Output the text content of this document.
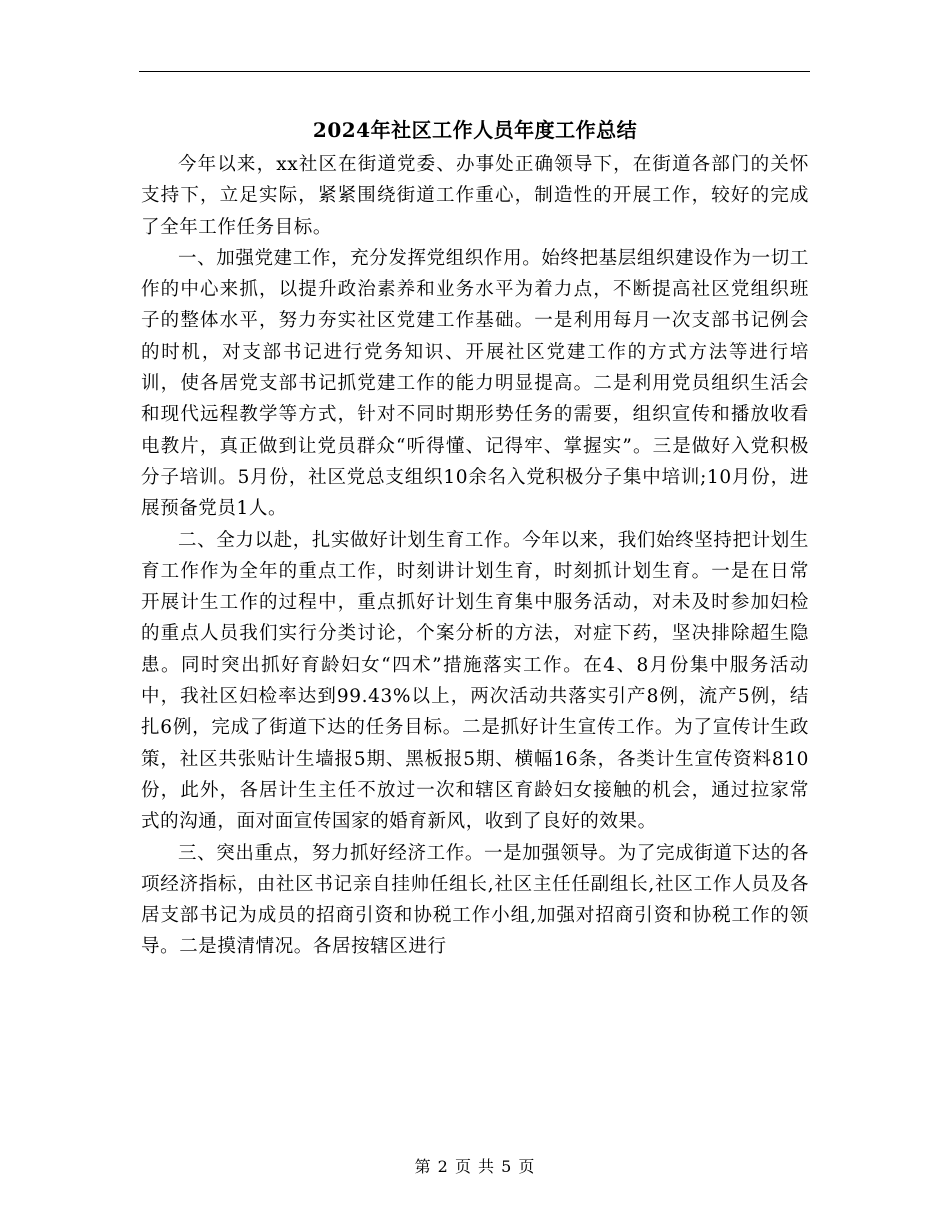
2024年社区工作人员年度工作总结

今年以来，xx社区在街道党委、办事处正确领导下，在街道各部门的关怀支持下，立足实际，紧紧围绕街道工作重心，制造性的开展工作，较好的完成了全年工作任务目标。

一、加强党建工作，充分发挥党组织作用。始终把基层组织建设作为一切工作的中心来抓，以提升政治素养和业务水平为着力点，不断提高社区党组织班子的整体水平，努力夯实社区党建工作基础。一是利用每月一次支部书记例会的时机，对支部书记进行党务知识、开展社区党建工作的方式方法等进行培训，使各居党支部书记抓党建工作的能力明显提高。二是利用党员组织生活会和现代远程教学等方式，针对不同时期形势任务的需要，组织宣传和播放收看电教片，真正做到让党员群众“听得懂、记得牢、掌握实”。三是做好入党积极分子培训。5月份，社区党总支组织10余名入党积极分子集中培训;10月份，进展预备党员1人。

二、全力以赴，扎实做好计划生育工作。今年以来，我们始终坚持把计划生育工作作为全年的重点工作，时刻讲计划生育，时刻抓计划生育。一是在日常开展计生工作的过程中，重点抓好计划生育集中服务活动，对未及时参加妇检的重点人员我们实行分类讨论，个案分析的方法，对症下药，坚决排除超生隐患。同时突出抓好育龄妇女“四术”措施落实工作。在4、8月份集中服务活动中，我社区妇检率达到99.43%以上，两次活动共落实引产8例，流产5例，结扎6例，完成了街道下达的任务目标。二是抓好计生宣传工作。为了宣传计生政策，社区共张贴计生墙报5期、黑板报5期、横幅16条，各类计生宣传资料810份，此外，各居计生主任不放过一次和辖区育龄妇女接触的机会，通过拉家常式的沟通，面对面宣传国家的婚育新风，收到了良好的效果。

三、突出重点，努力抓好经济工作。一是加强领导。为了完成街道下达的各项经济指标，由社区书记亲自挂帅任组长,社区主任任副组长,社区工作人员及各居支部书记为成员的招商引资和协税工作小组,加强对招商引资和协税工作的领导。二是摸清情况。各居按辖区进行

第 2 页 共 5 页
